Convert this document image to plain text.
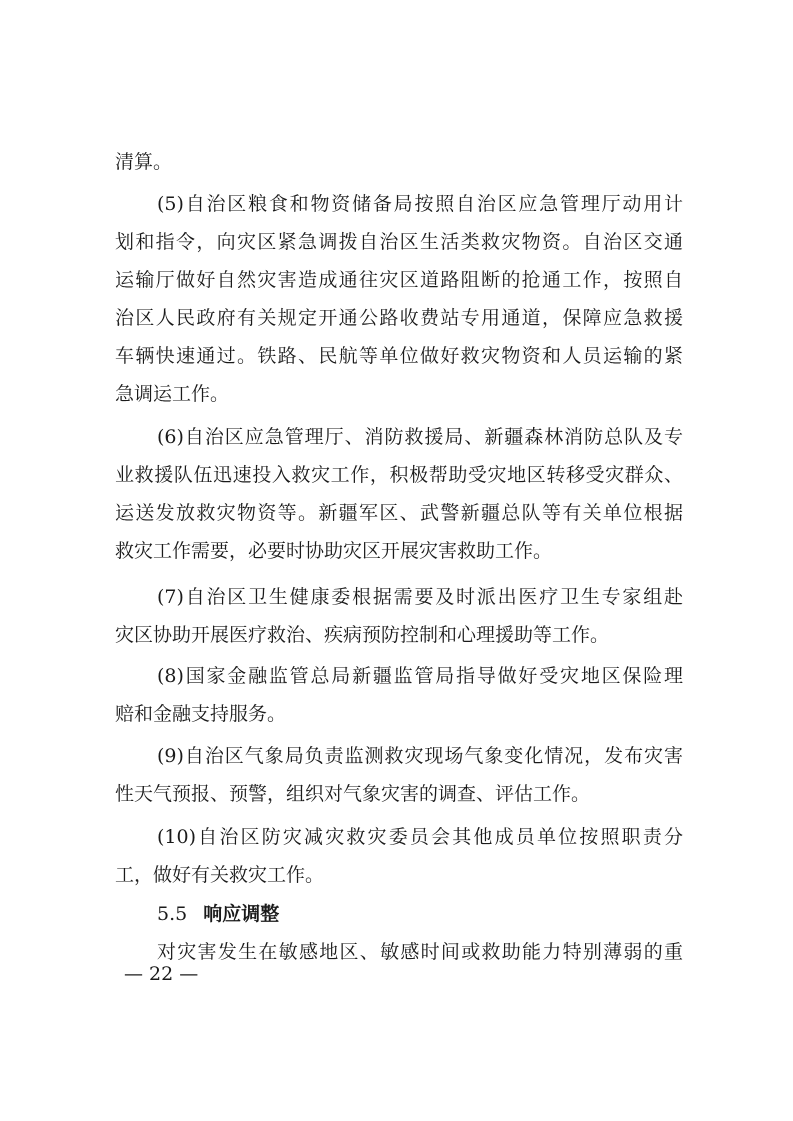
清算。
(5)自治区粮食和物资储备局按照自治区应急管理厅动用计
划和指令，向灾区紧急调拨自治区生活类救灾物资。自治区交通
运输厅做好自然灾害造成通往灾区道路阻断的抢通工作，按照自
治区人民政府有关规定开通公路收费站专用通道，保障应急救援
车辆快速通过。铁路、民航等单位做好救灾物资和人员运输的紧
急调运工作。
(6)自治区应急管理厅、消防救援局、新疆森林消防总队及专
业救援队伍迅速投入救灾工作，积极帮助受灾地区转移受灾群众、
运送发放救灾物资等。新疆军区、武警新疆总队等有关单位根据
救灾工作需要，必要时协助灾区开展灾害救助工作。
(7)自治区卫生健康委根据需要及时派出医疗卫生专家组赴
灾区协助开展医疗救治、疾病预防控制和心理援助等工作。
(8)国家金融监管总局新疆监管局指导做好受灾地区保险理
赔和金融支持服务。
(9)自治区气象局负责监测救灾现场气象变化情况，发布灾害
性天气预报、预警，组织对气象灾害的调查、评估工作。
(10)自治区防灾减灾救灾委员会其他成员单位按照职责分
工，做好有关救灾工作。
5.5 响应调整
对灾害发生在敏感地区、敏感时间或救助能力特别薄弱的重
— 22 —
